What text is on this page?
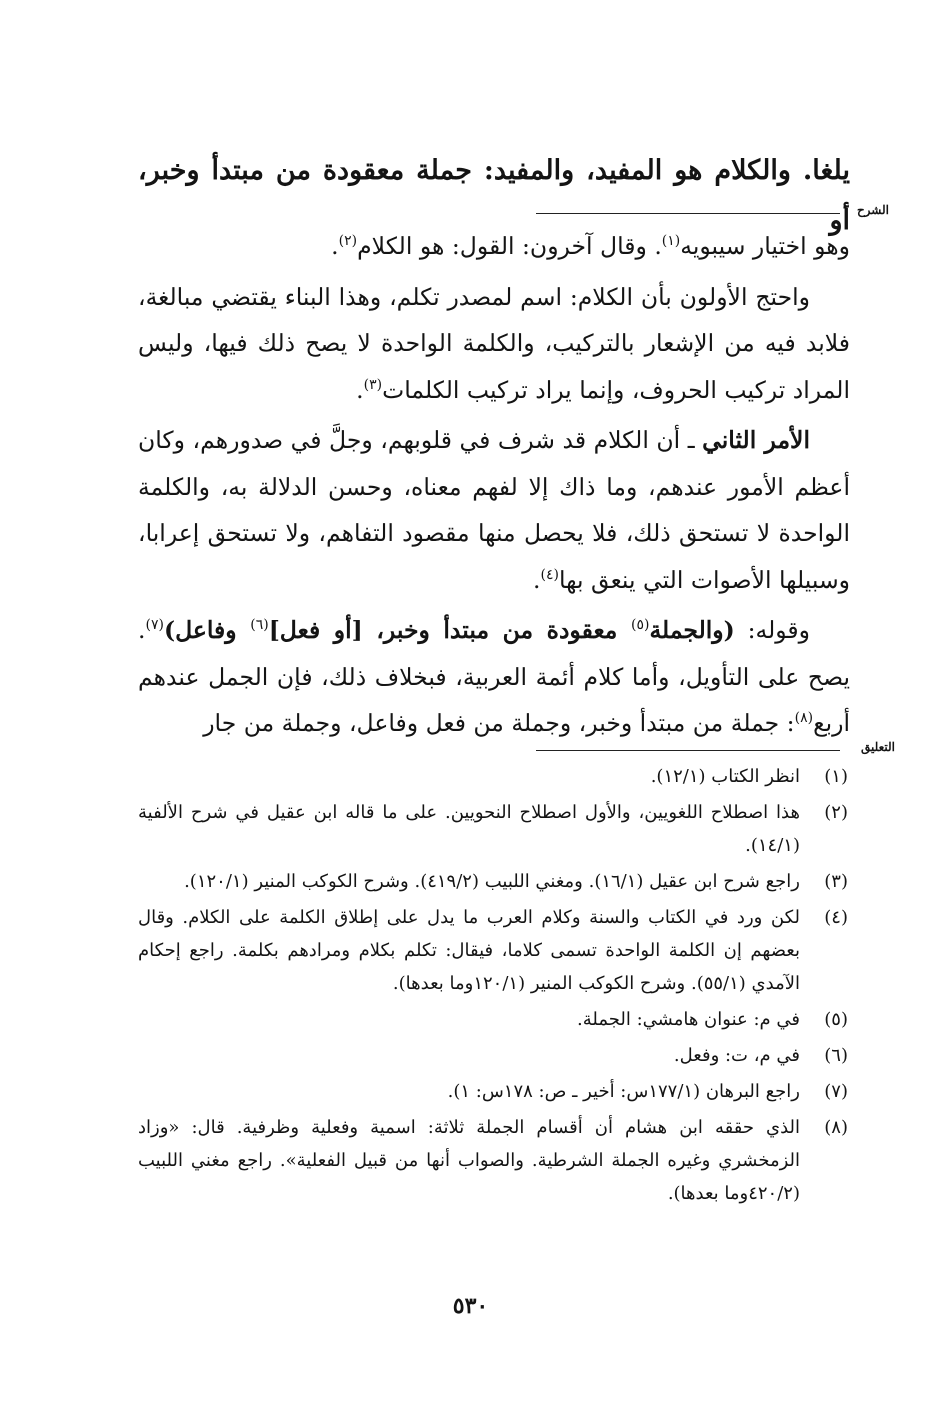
يلغا. والكلام هو المفيد، والمفيد: جملة معقودة من مبتدأ وخبر، أو الشرح

وهو اختيار سيبويه$^{(١)}$. وقال آخرون: القول: هو الكلام$^{(٢)}$.

واحتج الأولون بأن الكلام: اسم لمصدر تكلم، وهذا البناء يقتضي مبالغة، فلابد فيه من الإشعار بالتركيب، والكلمة الواحدة لا يصح ذلك فيها، وليس المراد تركيب الحروف، وإنما يراد تركيب الكلمات$^{(٣)}$.

الأمر الثاني ـ أن الكلام قد شرف في قلوبهم، وجلَّ في صدورهم، وكان أعظم الأمور عندهم، وما ذاك إلا لفهم معناه، وحسن الدلالة به، والكلمة الواحدة لا تستحق ذلك، فلا يحصل منها مقصود التفاهم، ولا تستحق إعرابا، وسبيلها الأصوات التي ينعق بها$^{(٤)}$.

وقوله: (والجملة$^{(٥)}$ معقودة من مبتدأ وخبر، [أو فعل]$^{(٦)}$ وفاعل)$^{(٧)}$. يصح على التأويل، وأما كلام أئمة العربية، فبخلاف ذلك، فإن الجمل عندهم أربع$^{(٨)}$: جملة من مبتدأ وخبر، وجملة من فعل وفاعل، وجملة من جار

التعليق
(١)
انظر الكتاب (١٢/١).
(٢)
هذا اصطلاح اللغويين، والأول اصطلاح النحويين. على ما قاله ابن عقيل في شرح الألفية (١٤/١).
(٣)
راجع شرح ابن عقيل (١٦/١). ومغني اللبيب (٤١٩/٢). وشرح الكوكب المنير (١٢٠/١).
(٤)
لكن ورد في الكتاب والسنة وكلام العرب ما يدل على إطلاق الكلمة على الكلام. وقال بعضهم إن الكلمة الواحدة تسمى كلاما، فيقال: تكلم بكلام ومرادهم بكلمة. راجع إحكام الآمدي (٥٥/١). وشرح الكوكب المنير (١٢٠/١وما بعدها).
(٥)
في م: عنوان هامشي: الجملة.
(٦)
في م، ت: وفعل.
(٧)
راجع البرهان (١٧٧/١س: أخير ـ ص: ١٧٨س: ١).
(٨)
الذي حققه ابن هشام أن أقسام الجملة ثلاثة: اسمية وفعلية وظرفية. قال: «وزاد الزمخشري وغيره الجملة الشرطية. والصواب أنها من قبيل الفعلية». راجع مغني اللبيب (٤٢٠/٢وما بعدها).
٥٣٠
